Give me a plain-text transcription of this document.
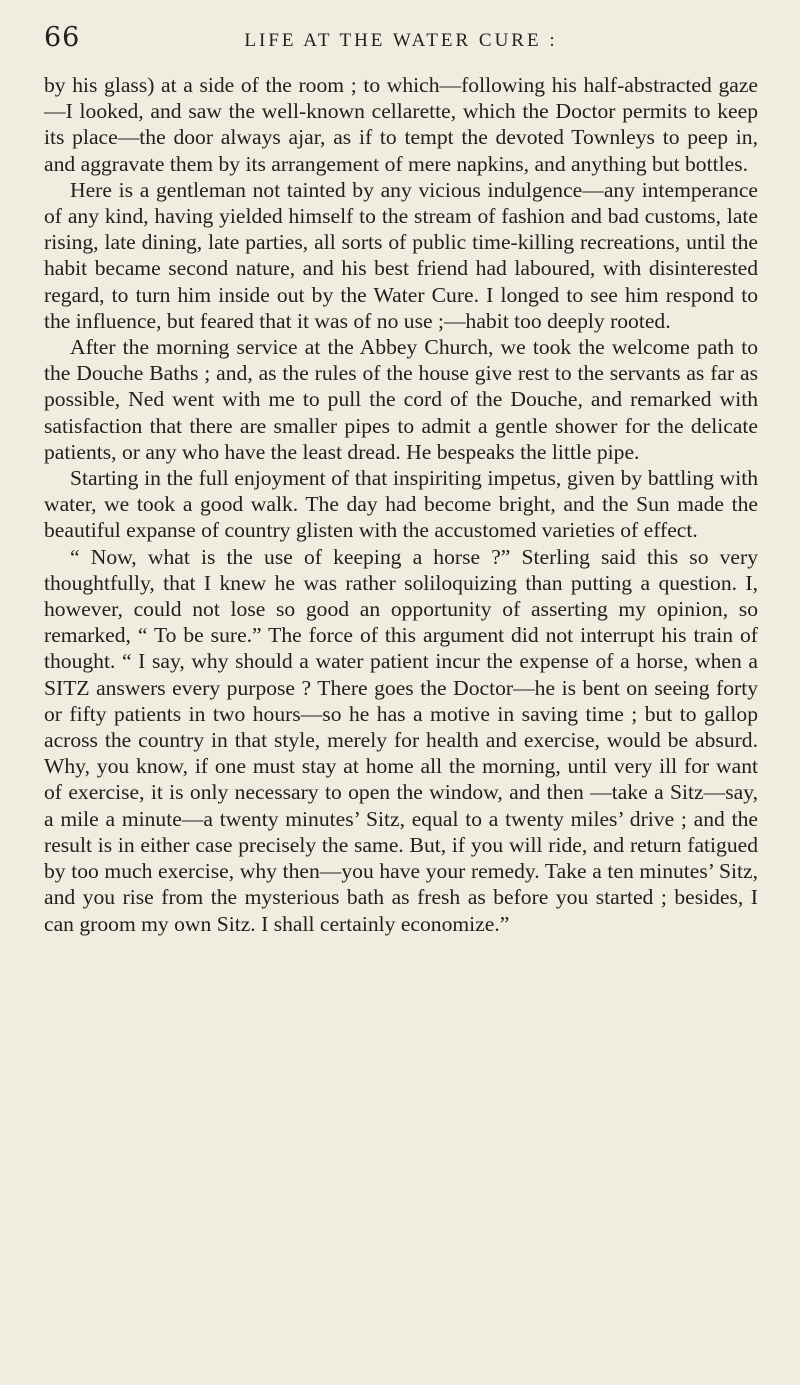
66	LIFE AT THE WATER CURE :

by his glass) at a side of the room ; to which—following his half-abstracted gaze—I looked, and saw the well-known cellarette, which the Doctor permits to keep its place—the door always ajar, as if to tempt the devoted Townleys to peep in, and aggravate them by its arrangement of mere napkins, and anything but bottles.

Here is a gentleman not tainted by any vicious indulgence—any intemperance of any kind, having yielded himself to the stream of fashion and bad customs, late rising, late dining, late parties, all sorts of public time-killing recreations, until the habit became second nature, and his best friend had laboured, with disinterested regard, to turn him inside out by the Water Cure. I longed to see him respond to the influence, but feared that it was of no use ;—habit too deeply rooted.

After the morning service at the Abbey Church, we took the welcome path to the Douche Baths ; and, as the rules of the house give rest to the servants as far as possible, Ned went with me to pull the cord of the Douche, and remarked with satisfaction that there are smaller pipes to admit a gentle shower for the delicate patients, or any who have the least dread. He bespeaks the little pipe.

Starting in the full enjoyment of that inspiriting impetus, given by battling with water, we took a good walk. The day had become bright, and the Sun made the beautiful expanse of country glisten with the accustomed varieties of effect.

“ Now, what is the use of keeping a horse ?” Sterling said this so very thoughtfully, that I knew he was rather soliloquizing than putting a question. I, however, could not lose so good an opportunity of asserting my opinion, so remarked, “ To be sure.” The force of this argument did not interrupt his train of thought. “ I say, why should a water patient incur the expense of a horse, when a SITZ answers every purpose ? There goes the Doctor—he is bent on seeing forty or fifty patients in two hours—so he has a motive in saving time ; but to gallop across the country in that style, merely for health and exercise, would be absurd. Why, you know, if one must stay at home all the morning, until very ill for want of exercise, it is only necessary to open the window, and then —take a Sitz—say, a mile a minute—a twenty minutes’ Sitz, equal to a twenty miles’ drive ; and the result is in either case precisely the same. But, if you will ride, and return fatigued by too much exercise, why then—you have your remedy. Take a ten minutes’ Sitz, and you rise from the mysterious bath as fresh as before you started ; besides, I can groom my own Sitz. I shall certainly economize.”
